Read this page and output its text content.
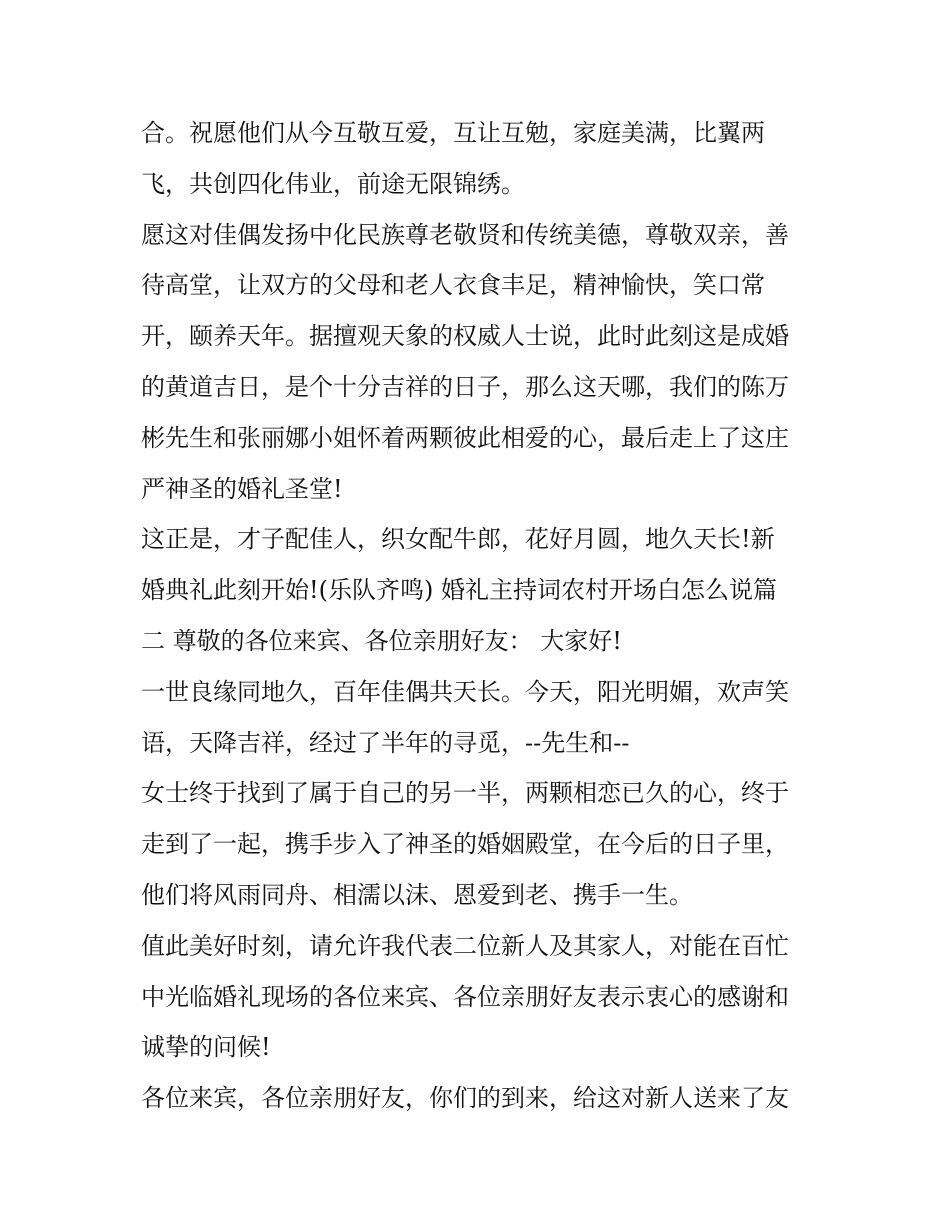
合。祝愿他们从今互敬互爱，互让互勉，家庭美满，比翼两
飞，共创四化伟业，前途无限锦绣。
愿这对佳偶发扬中化民族尊老敬贤和传统美德，尊敬双亲，善
待高堂，让双方的父母和老人衣食丰足，精神愉快，笑口常
开，颐养天年。据擅观天象的权威人士说，此时此刻这是成婚
的黄道吉日，是个十分吉祥的日子，那么这天哪，我们的陈万
彬先生和张丽娜小姐怀着两颗彼此相爱的心，最后走上了这庄
严神圣的婚礼圣堂!
这正是，才子配佳人，织女配牛郎，花好月圆，地久天长!新
婚典礼此刻开始!(乐队齐鸣) 婚礼主持词农村开场白怎么说篇
二 尊敬的各位来宾、各位亲朋好友： 大家好!
一世良缘同地久，百年佳偶共天长。今天，阳光明媚，欢声笑
语，天降吉祥，经过了半年的寻觅，--先生和--
女士终于找到了属于自己的另一半，两颗相恋已久的心，终于
走到了一起，携手步入了神圣的婚姻殿堂，在今后的日子里，
他们将风雨同舟、相濡以沫、恩爱到老、携手一生。
值此美好时刻，请允许我代表二位新人及其家人，对能在百忙
中光临婚礼现场的各位来宾、各位亲朋好友表示衷心的感谢和
诚挚的问候!
各位来宾，各位亲朋好友，你们的到来，给这对新人送来了友
